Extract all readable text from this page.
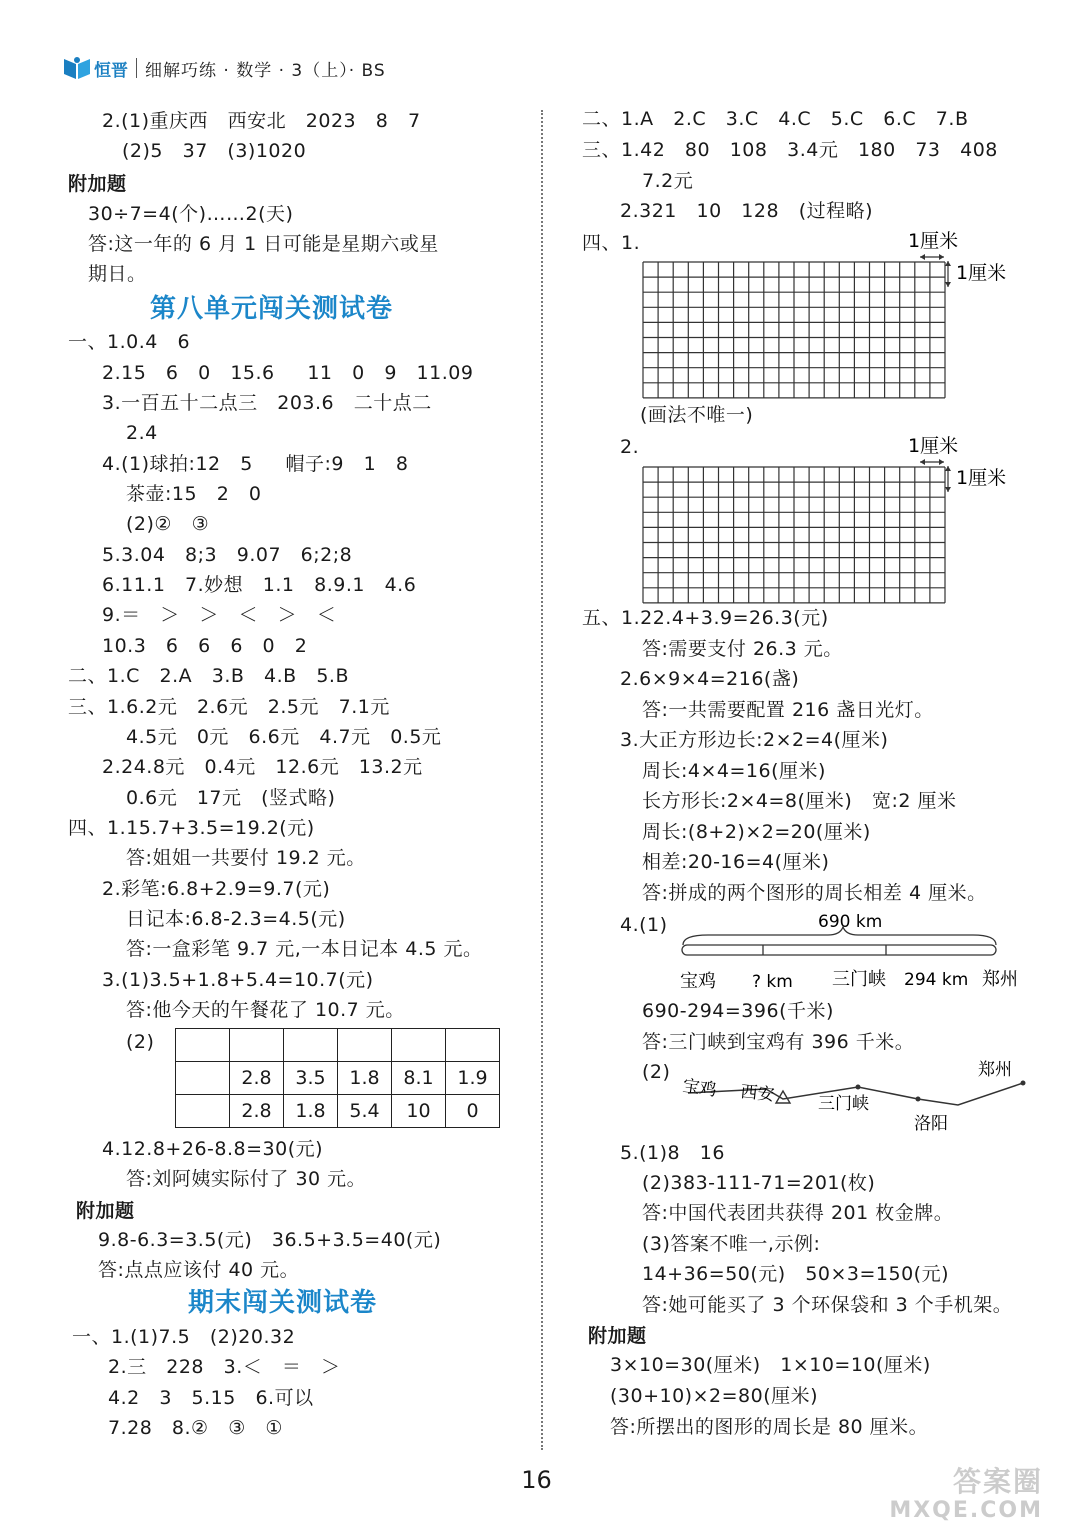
恒晋 细解巧练 · 数学 · 3（上）· BS
2.(1)重庆西   西安北   2023   8   7
(2)5   37   (3)1020
附加题
30÷7=4(个)……2(天)
答:这一年的 6 月 1 日可能是星期六或星
期日。
第八单元闯关测试卷
一、1.0.4   6
2.15   6   0   15.6     11   0   9   11.09
3.一百五十二点三   203.6   二十点二
2.4
4.(1)球拍:12   5     帽子:9   1   8
茶壶:15   2   0
(2)②   ③
5.3.04   8;3   9.07   6;2;8
6.11.1   7.妙想   1.1   8.9.1   4.6
9.＝   ＞   ＞   ＜   ＞   ＜
10.3   6   6   6   0   2
二、1.C   2.A   3.B   4.B   5.B
三、1.6.2元   2.6元   2.5元   7.1元
4.5元   0元   6.6元   4.7元   0.5元
2.24.8元   0.4元   12.6元   13.2元
0.6元   17元   (竖式略)
四、1.15.7+3.5=19.2(元)
答:姐姐一共要付 19.2 元。
2.彩笔:6.8+2.9=9.7(元)
日记本:6.8-2.3=4.5(元)
答:一盒彩笔 9.7 元,一本日记本 4.5 元。
3.(1)3.5+1.8+5.4=10.7(元)
答:他今天的午餐花了 10.7 元。
(2)

	2.8	3.5	1.8	8.1	1.9
	2.8	1.8	5.4	10	0
4.12.8+26-8.8=30(元)
答:刘阿姨实际付了 30 元。
附加题
9.8-6.3=3.5(元)   36.5+3.5=40(元)
答:点点应该付 40 元。
期末闯关测试卷
一、1.(1)7.5   (2)20.32
2.三   228   3.＜   ＝   ＞
4.2   3   5.15   6.可以
7.28   8.②   ③   ①
二、1.A   2.C   3.C   4.C   5.C   6.C   7.B
三、1.42   80   108   3.4元   180   73   408
7.2元
2.321   10   128   (过程略)
四、1.	1厘米
1厘米
(画法不唯一)
2.	1厘米
1厘米
五、1.22.4+3.9=26.3(元)
答:需要支付 26.3 元。
2.6×9×4=216(盏)
答:一共需要配置 216 盏日光灯。
3.大正方形边长:2×2=4(厘米)
周长:4×4=16(厘米)
长方形长:2×4=8(厘米)   宽:2 厘米
周长:(8+2)×2=20(厘米)
相差:20-16=4(厘米)
答:拼成的两个图形的周长相差 4 厘米。
4.(1)	690 km
宝鸡 ? km 三门峡 294 km 郑州
690-294=396(千米)
答:三门峡到宝鸡有 396 千米。
(2)
宝鸡 西安	三门峡
洛阳
郑州
5.(1)8   16
(2)383-111-71=201(枚)
答:中国代表团共获得 201 枚金牌。
(3)答案不唯一,示例:
14+36=50(元)   50×3=150(元)
答:她可能买了 3 个环保袋和 3 个手机架。
附加题
3×10=30(厘米)   1×10=10(厘米)
(30+10)×2=80(厘米)
答:所摆出的图形的周长是 80 厘米。
16	答案圈
MXQE.COM
